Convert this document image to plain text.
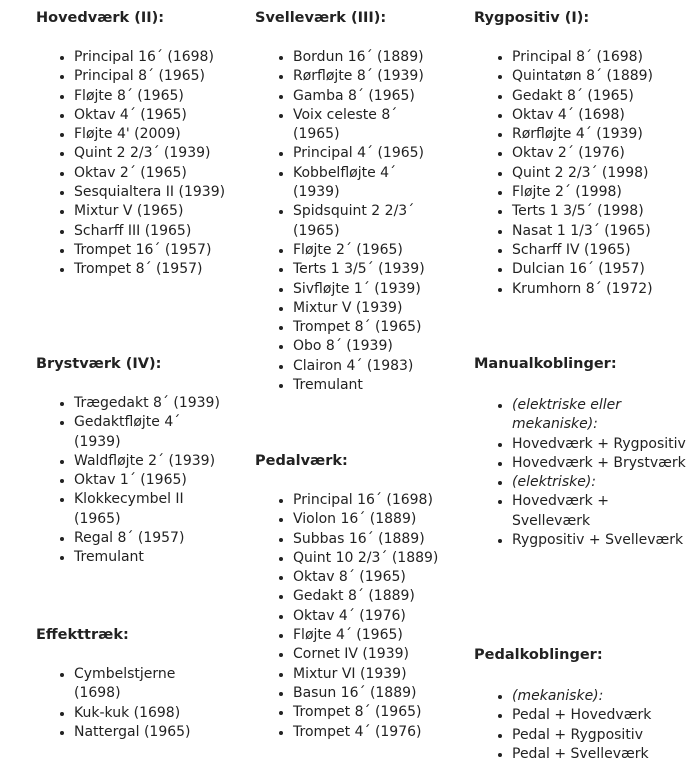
Hovedværk (II):
• Principal 16´ (1698)
• Principal 8´ (1965)
• Fløjte 8´ (1965)
• Oktav 4´ (1965)
• Fløjte 4' (2009)
• Quint 2 2/3´ (1939)
• Oktav 2´ (1965)
• Sesquialtera II (1939)
• Mixtur V (1965)
• Scharff III (1965)
• Trompet 16´ (1957)
• Trompet 8´ (1957)
Svelleværk (III):
• Bordun 16´ (1889)
• Rørfløjte 8´ (1939)
• Gamba 8´ (1965)
• Voix celeste 8´ (1965)
• Principal 4´ (1965)
• Kobbelfløjte 4´ (1939)
• Spidsquint 2 2/3´ (1965)
• Fløjte 2´ (1965)
• Terts 1 3/5´ (1939)
• Sivfløjte 1´ (1939)
• Mixtur V (1939)
• Trompet 8´ (1965)
• Obo 8´ (1939)
• Clairon 4´ (1983)
• Tremulant
Rygpositiv (I):
• Principal 8´ (1698)
• Quintatøn 8´ (1889)
• Gedakt 8´ (1965)
• Oktav 4´ (1698)
• Rørfløjte 4´ (1939)
• Oktav 2´ (1976)
• Quint 2 2/3´ (1998)
• Fløjte 2´ (1998)
• Terts 1 3/5´ (1998)
• Nasat 1 1/3´ (1965)
• Scharff IV (1965)
• Dulcian 16´ (1957)
• Krumhorn 8´ (1972)
Brystværk (IV):
• Trægedakt 8´ (1939)
• Gedaktfløjte 4´ (1939)
• Waldfløjte 2´ (1939)
• Oktav 1´ (1965)
• Klokkecymbel II (1965)
• Regal 8´ (1957)
• Tremulant
Pedalværk:
• Principal 16´ (1698)
• Violon 16´ (1889)
• Subbas 16´ (1889)
• Quint 10 2/3´ (1889)
• Oktav 8´ (1965)
• Gedakt 8´ (1889)
• Oktav 4´ (1976)
• Fløjte 4´ (1965)
• Cornet IV (1939)
• Mixtur VI (1939)
• Basun 16´ (1889)
• Trompet 8´ (1965)
• Trompet 4´ (1976)
Manualkoblinger:
• (elektriske eller mekaniske):
• Hovedværk + Rygpositiv
• Hovedværk + Brystværk
• (elektriske):
• Hovedværk + Svelleværk
• Rygpositiv + Svelleværk
Effekttræk:
• Cymbelstjerne (1698)
• Kuk-kuk (1698)
• Nattergal (1965)
Pedalkoblinger:
• (mekaniske):
• Pedal + Hovedværk
• Pedal + Rygpositiv
• Pedal + Svelleværk
